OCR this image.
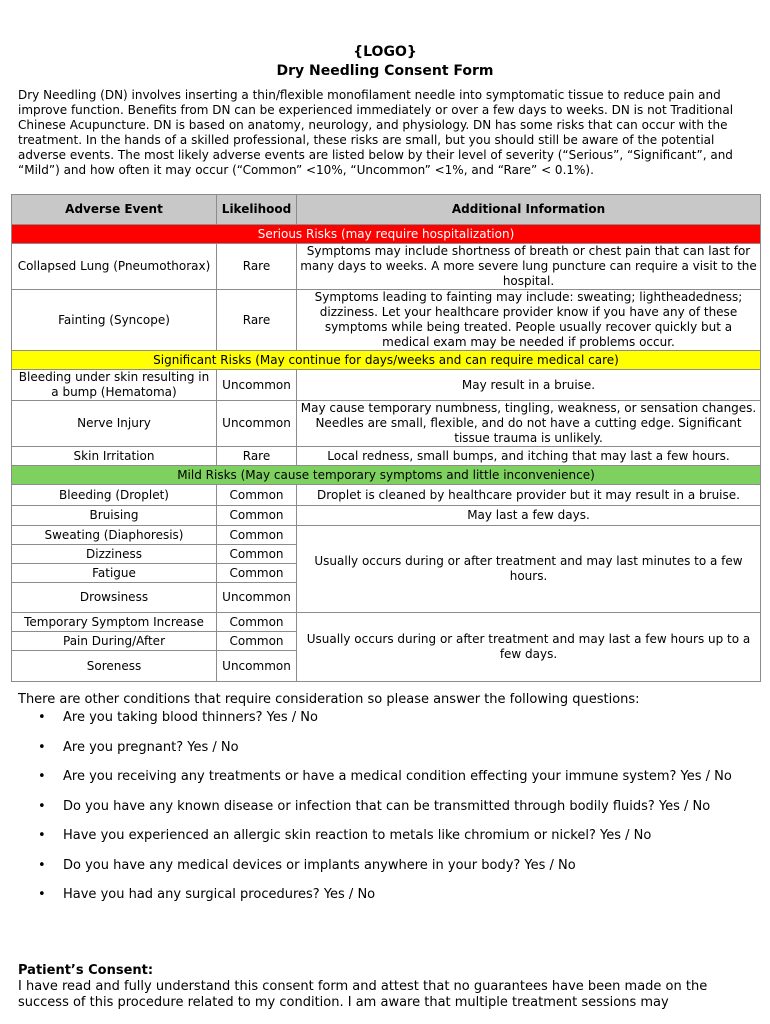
{LOGO}
Dry Needling Consent Form

Dry Needling (DN) involves inserting a thin/flexible monofilament needle into symptomatic tissue to reduce pain and improve function. Benefits from DN can be experienced immediately or over a few days to weeks. DN is not Traditional Chinese Acupuncture. DN is based on anatomy, neurology, and physiology. DN has some risks that can occur with the treatment. In the hands of a skilled professional, these risks are small, but you should still be aware of the potential adverse events. The most likely adverse events are listed below by their level of severity (“Serious”, “Significant”, and “Mild”) and how often it may occur (“Common” <10%, “Uncommon” <1%, and “Rare” < 0.1%).

Adverse Event	Likelihood	Additional Information
Serious Risks (may require hospitalization)		
Collapsed Lung (Pneumothorax)	Rare	Symptoms may include shortness of breath or chest pain that can last for many days to weeks. A more severe lung puncture can require a visit to the hospital.
Fainting (Syncope)	Rare	Symptoms leading to fainting may include: sweating; lightheadedness; dizziness. Let your healthcare provider know if you have any of these symptoms while being treated. People usually recover quickly but a medical exam may be needed if problems occur.
Significant Risks (May continue for days/weeks and can require medical care)		
Bleeding under skin resulting in a bump (Hematoma)	Uncommon	May result in a bruise.
Nerve Injury	Uncommon	May cause temporary numbness, tingling, weakness, or sensation changes. Needles are small, flexible, and do not have a cutting edge. Significant tissue trauma is unlikely.
Skin Irritation	Rare	Local redness, small bumps, and itching that may last a few hours.
Mild Risks (May cause temporary symptoms and little inconvenience)		
Bleeding (Droplet)	Common	Droplet is cleaned by healthcare provider but it may result in a bruise.
Bruising	Common	May last a few days.
Sweating (Diaphoresis)	Common	Usually occurs during or after treatment and may last minutes to a few hours.
Dizziness	Common	
Fatigue	Common	
Drowsiness	Uncommon	
Temporary Symptom Increase	Common	Usually occurs during or after treatment and may last a few hours up to a few days.
Pain During/After	Common	
Soreness	Uncommon	

There are other conditions that require consideration so please answer the following questions:

• Are you taking blood thinners? Yes / No
• Are you pregnant? Yes / No
• Are you receiving any treatments or have a medical condition effecting your immune system? Yes / No
• Do you have any known disease or infection that can be transmitted through bodily fluids? Yes / No
• Have you experienced an allergic skin reaction to metals like chromium or nickel? Yes / No
• Do you have any medical devices or implants anywhere in your body? Yes / No
• Have you had any surgical procedures? Yes / No
Patient’s Consent:

I have read and fully understand this consent form and attest that no guarantees have been made on the success of this procedure related to my condition. I am aware that multiple treatment sessions may
